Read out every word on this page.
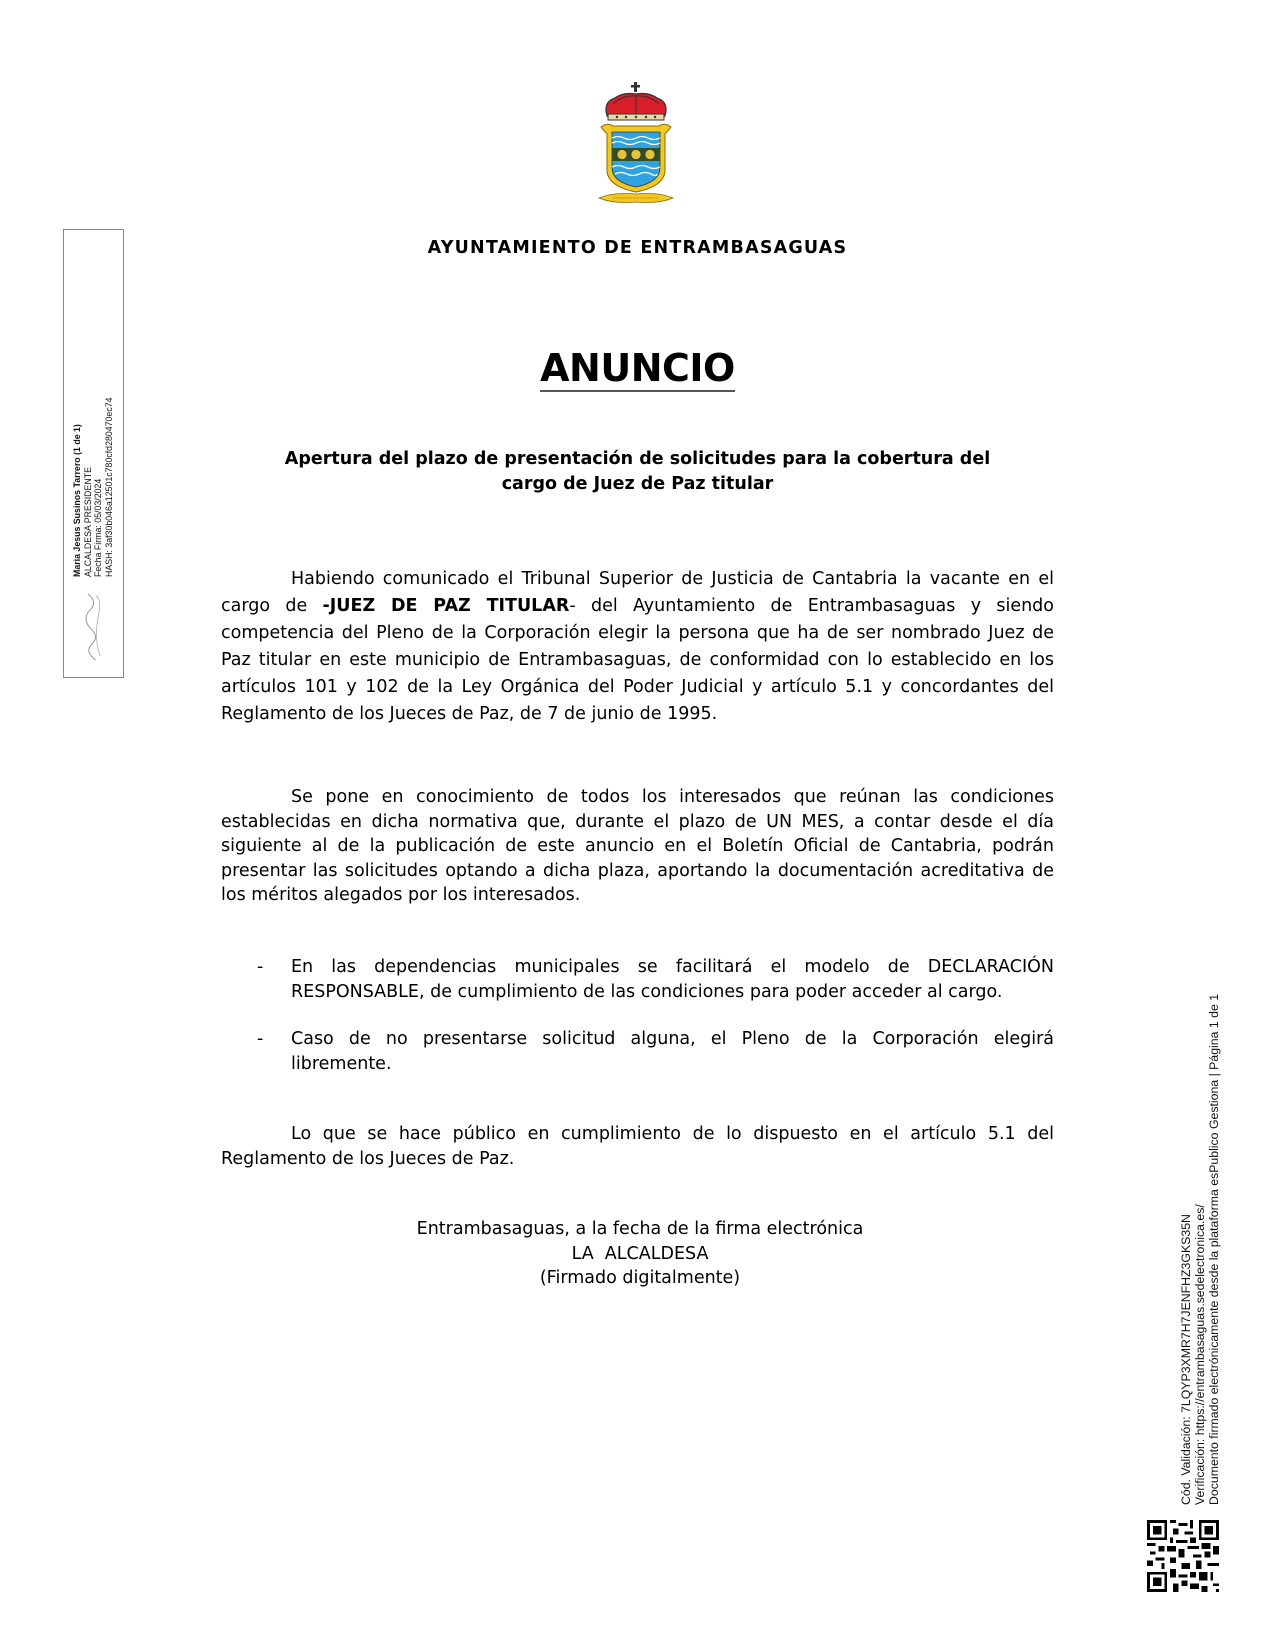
AYUNTAMIENTO DE ENTRAMBASAGUAS
ANUNCIO
Apertura del plazo de presentación de solicitudes para la cobertura del
cargo de Juez de Paz titular

Habiendo comunicado el Tribunal Superior de Justicia de Cantabria la vacante en el cargo de -JUEZ DE PAZ TITULAR- del Ayuntamiento de Entrambasaguas y siendo competencia del Pleno de la Corporación elegir la persona que ha de ser nombrado Juez de Paz titular en este municipio de Entrambasaguas, de conformidad con lo establecido en los artículos 101 y 102 de la Ley Orgánica del Poder Judicial y artículo 5.1 y concordantes del Reglamento de los Jueces de Paz, de 7 de junio de 1995.

Se pone en conocimiento de todos los interesados que reúnan las condiciones establecidas en dicha normativa que, durante el plazo de UN MES, a contar desde el día siguiente al de la publicación de este anuncio en el Boletín Oficial de Cantabria, podrán presentar las solicitudes optando a dicha plaza, aportando la documentación acreditativa de los méritos alegados por los interesados.

- En las dependencias municipales se facilitará el modelo de DECLARACIÓN RESPONSABLE, de cumplimiento de las condiciones para poder acceder al cargo.
- Caso de no presentarse solicitud alguna, el Pleno de la Corporación elegirá libremente.

Lo que se hace público en cumplimiento de lo dispuesto en el artículo 5.1 del Reglamento de los Jueces de Paz.

Entrambasaguas, a la fecha de la firma electrónica
LA  ALCALDESA
(Firmado digitalmente)
Maria Jesus Susinos Tarrero (1 de 1) ALCALDESA PRESIDENTE Fecha Firma: 05/03/2024 HASH: 3af30b046a12501c780cfd280470ec74
Cód. Validación: 7LQYP3XMR7H7JENFHZ3GKS35N Verificación: https://entrambasaguas.sedelectronica.es/ Documento firmado electrónicamente desde la plataforma esPublico Gestiona | Página 1 de 1
